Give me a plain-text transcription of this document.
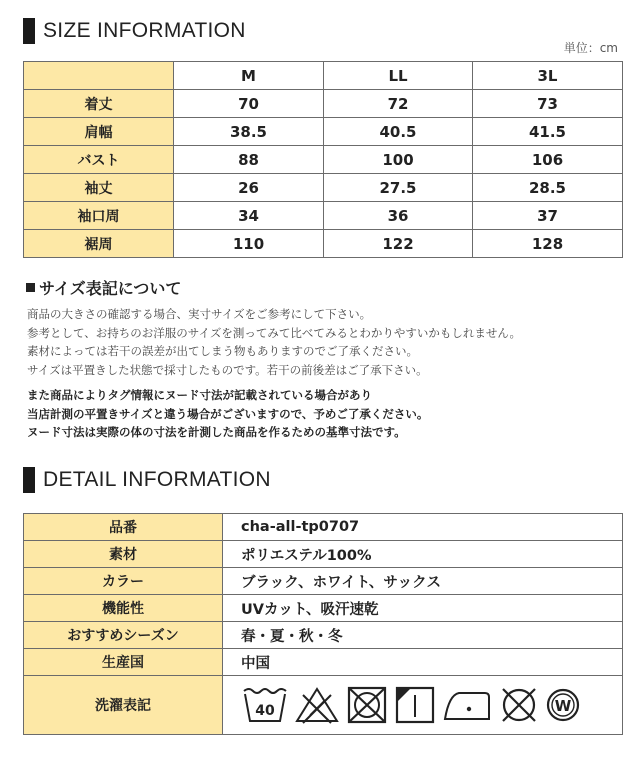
SIZE INFORMATION
単位：cm
	M	LL	3L
着丈	70	72	73
肩幅	38.5	40.5	41.5
バスト	88	100	106
袖丈	26	27.5	28.5
袖口周	34	36	37
裾周	110	122	128
サイズ表記について
商品の大きさの確認する場合、実寸サイズをご参考にして下さい。
参考として、お持ちのお洋服のサイズを測ってみて比べてみるとわかりやすいかもしれません。
素材によっては若干の誤差が出てしまう物もありますのでご了承ください。
サイズは平置きした状態で採寸したものです。若干の前後差はご了承下さい。
また商品によりタグ情報にヌード寸法が記載されている場合があり
当店計測の平置きサイズと違う場合がございますので、予めご了承ください。
ヌード寸法は実際の体の寸法を計測した商品を作るための基準寸法です。
DETAIL INFORMATION
品番	cha-all-tp0707
素材	ポリエステル100%
カラー	ブラック、ホワイト、サックス
機能性	UVカット、吸汗速乾
おすすめシーズン	春・夏・秋・冬
生産国	中国
洗濯表記	40 W
